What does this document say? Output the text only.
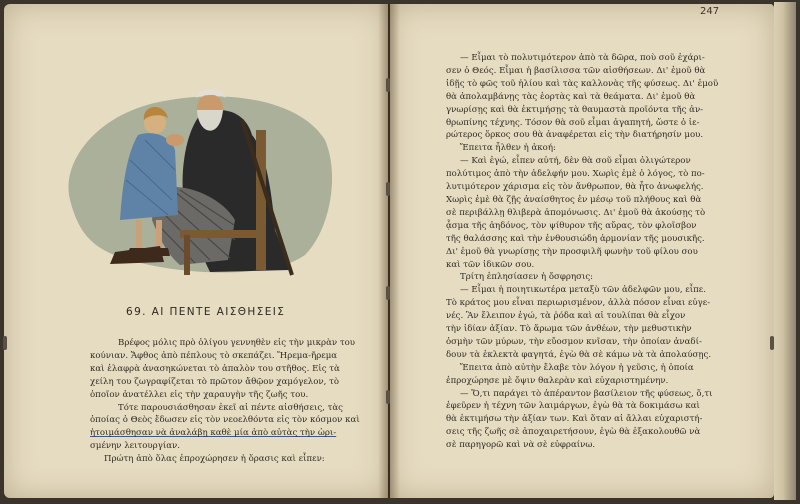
69. ΑΙ ΠΕΝΤΕ ΑΙΣΘΗΣΕΙΣ
Βρέφος μόλις πρὸ ὀλίγου γεννηθὲν εἰς τὴν μικρὰν του
κούνιαν. Ἄφθος ἀπὸ πέπλους τὸ σκεπάζει. Ἤρεμα-ἤρεμα
καὶ ἐλαφρὰ ἀνασηκώνεται τὸ ἀπαλὸν του στῆθος. Εἰς τὰ
χείλη του ζωγραφίζεται τὸ πρῶτον ἄθῷον χαμόγελον, τὸ
ὁποῖον ἀνατέλλει εἰς τὴν χαραυγὴν τῆς ζωῆς του.
Τότε παρουσιάσθησαν ἐκεῖ αἱ πέντε αἰσθήσεις, τὰς
ὁποίας ὁ Θεὸς ἔδωσεν εἰς τὸν νεοελθόντα εἰς τὸν κόσμον καὶ
ἡτοιμάσθησαν νὰ ἀναλάβῃ καθὲ μία ἀπὸ αὐτὰς τὴν ὡρι-
σμένην λειτουργίαν.
Πρώτη ἀπὸ ὅλας ἐπροχώρησεν ἡ ὅρασις καὶ εἶπεν:
247
— Εἶμαι τὸ πολυτιμότερον ἀπὸ τὰ δῶρα, ποὺ σοῦ ἐχάρι-
σεν ὁ Θεός. Εἶμαι ἡ βασίλισσα τῶν αἰσθήσεων. Δι' ἐμοῦ θὰ
ἰδῇς τὸ φῶς τοῦ ἡλίου καὶ τὰς καλλονὰς τῆς φύσεως. Δι' ἐμοῦ
θὰ ἀπολαμβάνῃς τὰς ἑορτὰς καὶ τὰ θεάματα. Δι' ἐμοῦ θὰ
γνωρίσῃς καὶ θὰ ἐκτιμήσῃς τὰ θαυμαστὰ προϊόντα τῆς ἀν-
θρωπίνης τέχνης. Τόσον θὰ σοῦ εἶμαι ἀγαπητή, ὥστε ὁ ἰε-
ρώτερος ὅρκος σου θὰ ἀναφέρεται εἰς τὴν διατήρησίν μου.
Ἔπειτα ἦλθεν ἡ ἀκοή:
— Καὶ ἐγώ, εἶπεν αὐτή, δὲν θὰ σοῦ εἶμαι ὀλιγώτερον
πολύτιμος ἀπὸ τὴν ἀδελφήν μου. Χωρὶς ἐμὲ ὁ λόγος, τὸ πο-
λυτιμότερον χάρισμα εἰς τὸν ἄνθρωπον, θὰ ἦτο ἀνωφελής.
Χωρὶς ἐμὲ θὰ ζῇς ἀναίσθητος ἐν μέσῳ τοῦ πλήθους καὶ θὰ
σὲ περιβάλλῃ θλιβερὰ ἀπομόνωσις. Δι' ἐμοῦ θὰ ἀκούσῃς τὸ
ᾆσμα τῆς ἀηδόνος, τὸν ψίθυρον τῆς αὔρας, τὸν φλοῖσβον
τῆς θαλάσσης καὶ τὴν ἐνθουσιώδη ἁρμονίαν τῆς μουσικῆς.
Δι' ἐμοῦ θὰ γνωρίσῃς τὴν προσφιλῆ φωνὴν τοῦ φίλου σου
καὶ τῶν ἰδικῶν σου.
Τρίτη ἐπλησίασεν ἡ ὄσφρησις:
— Εἶμαι ἡ ποιητικωτέρα μεταξὺ τῶν ἀδελφῶν μου, εἶπε.
Τὸ κράτος μου εἶναι περιωρισμένον, ἀλλὰ πόσον εἶναι εὐγε-
νές. Ἂν ἔλειπον ἐγώ, τὰ ῥόδα καὶ αἱ τουλίπαι θὰ εἶχον
τὴν ἰδίαν ἀξίαν. Τὸ ἄρωμα τῶν ἀνθέων, τὴν μεθυστικὴν
ὀσμὴν τῶν μύρων, τὴν εὔοσμον κνῖσαν, τὴν ὁποίαν ἀναδί-
δουν τὰ ἐκλεκτὰ φαγητά, ἐγὼ θὰ σὲ κάμω νὰ τὰ ἀπολαύσῃς.
Ἔπειτα ἀπὸ αὐτὴν ἔλαβε τὸν λόγον ἡ γεῦσις, ἡ ὁποία
ἐπροχώρησε μὲ ὄψιν θαλερὰν καὶ εὐχαριστημένην.
— Ὅ,τι παράγει τὸ ἀπέραντον βασίλειον τῆς φύσεως, ὅ,τι
ἐφεῦρεν ἡ τέχνη τῶν λαιμάργων, ἐγὼ θὰ τὰ δοκιμάσω καὶ
θὰ ἐκτιμήσω τὴν ἀξίαν των. Καὶ ὅταν αἱ ἄλλαι εὐχαριστή-
σεις τῆς ζωῆς σὲ ἀποχαιρετήσουν, ἐγὼ θὰ ἐξακολουθῶ νὰ
σὲ παρηγορῶ καὶ νὰ σὲ εὐφραίνω.
